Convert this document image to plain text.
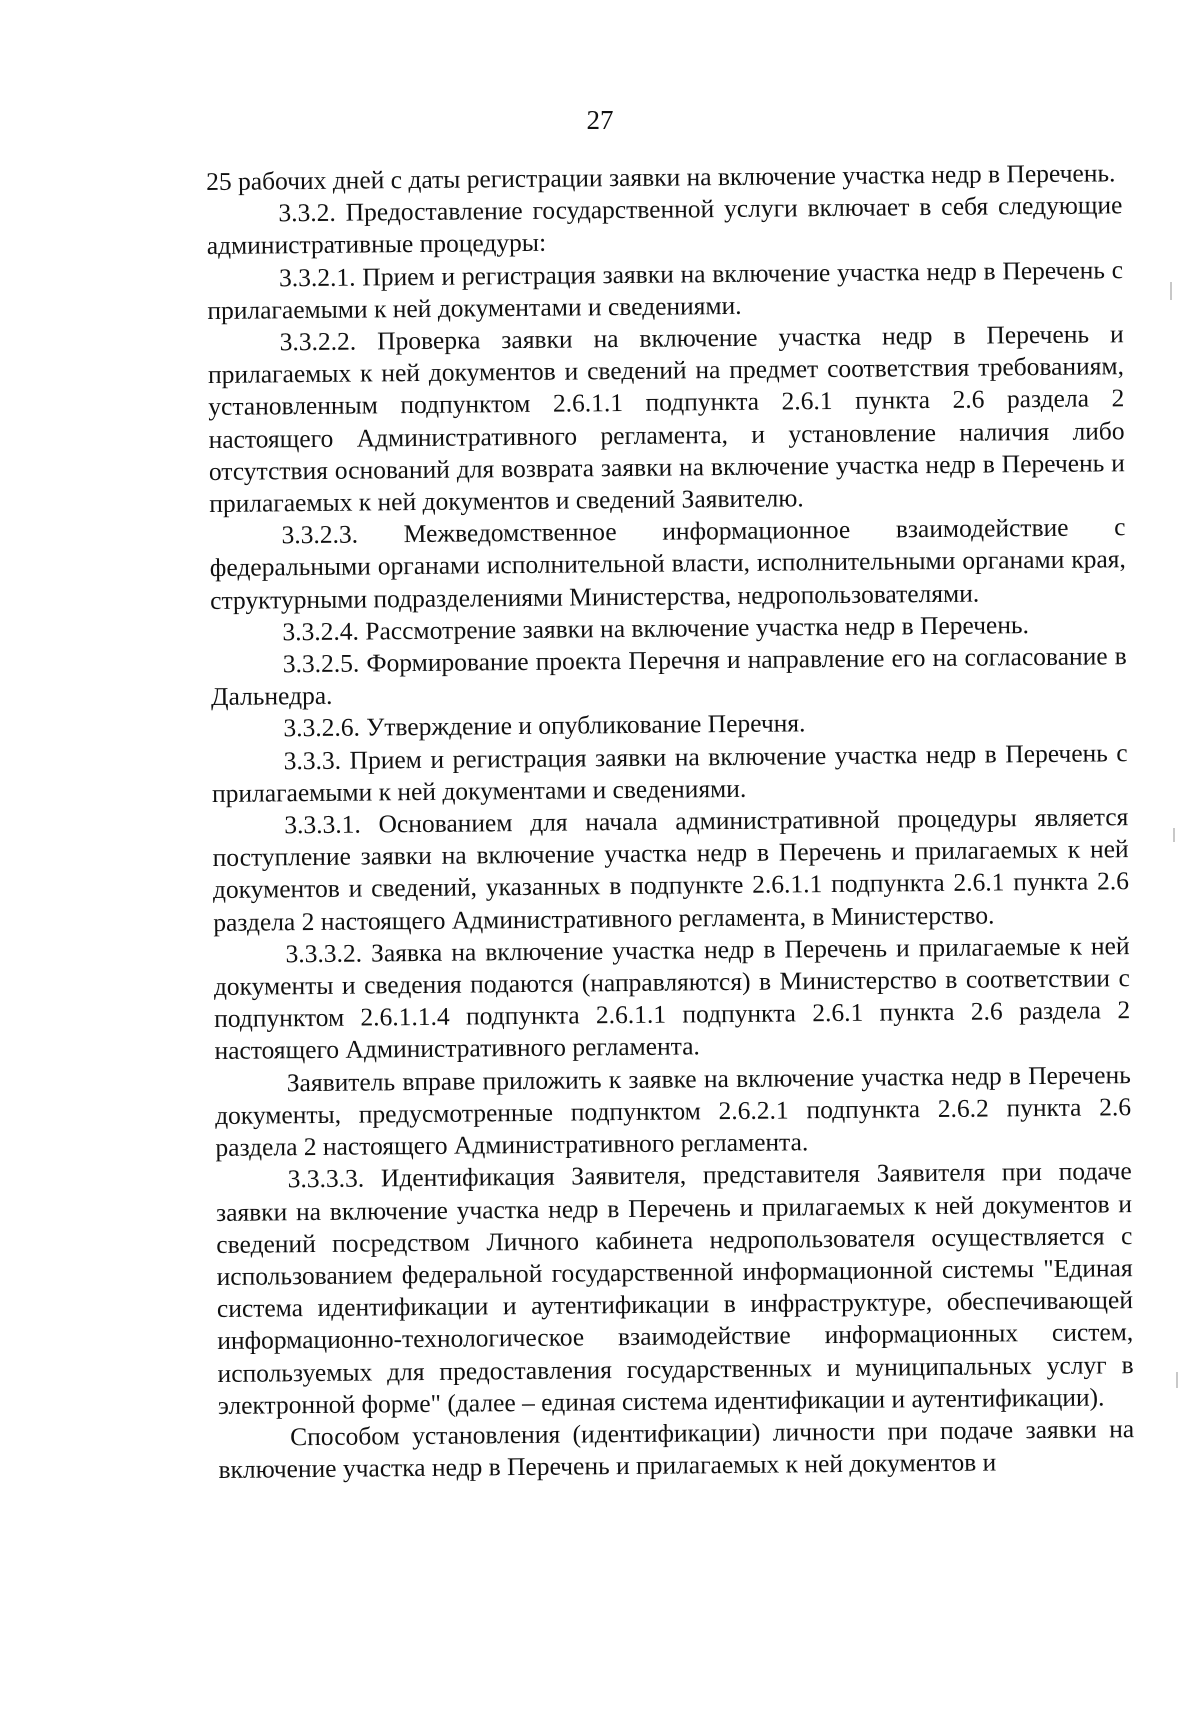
27

25 рабочих дней с даты регистрации заявки на включение участка недр в Перечень.

3.3.2. Предоставление государственной услуги включает в себя следующие административные процедуры:

3.3.2.1. Прием и регистрация заявки на включение участка недр в Перечень с прилагаемыми к ней документами и сведениями.

3.3.2.2. Проверка заявки на включение участка недр в Перечень и прилагаемых к ней документов и сведений на предмет соответствия требованиям, установленным подпунктом 2.6.1.1 подпункта 2.6.1 пункта 2.6 раздела 2 настоящего Административного регламента, и установление наличия либо отсутствия оснований для возврата заявки на включение участка недр в Перечень и прилагаемых к ней документов и сведений Заявителю.

3.3.2.3. Межведомственное информационное взаимодействие с федеральными органами исполнительной власти, исполнительными органами края, структурными подразделениями Министерства, недропользователями.

3.3.2.4. Рассмотрение заявки на включение участка недр в Перечень.

3.3.2.5. Формирование проекта Перечня и направление его на согласование в Дальнедра.

3.3.2.6. Утверждение и опубликование Перечня.

3.3.3. Прием и регистрация заявки на включение участка недр в Перечень с прилагаемыми к ней документами и сведениями.

3.3.3.1. Основанием для начала административной процедуры является поступление заявки на включение участка недр в Перечень и прилагаемых к ней документов и сведений, указанных в подпункте 2.6.1.1 подпункта 2.6.1 пункта 2.6 раздела 2 настоящего Административного регламента, в Министерство.

3.3.3.2. Заявка на включение участка недр в Перечень и прилагаемые к ней документы и сведения подаются (направляются) в Министерство в соответствии с подпунктом 2.6.1.1.4 подпункта 2.6.1.1 подпункта 2.6.1 пункта 2.6 раздела 2 настоящего Административного регламента.

Заявитель вправе приложить к заявке на включение участка недр в Перечень документы, предусмотренные подпунктом 2.6.2.1 подпункта 2.6.2 пункта 2.6 раздела 2 настоящего Административного регламента.

3.3.3.3. Идентификация Заявителя, представителя Заявителя при подаче заявки на включение участка недр в Перечень и прилагаемых к ней документов и сведений посредством Личного кабинета недропользователя осуществляется с использованием федеральной государственной информационной системы "Единая система идентификации и аутентификации в инфраструктуре, обеспечивающей информационно-технологическое взаимодействие информационных систем, используемых для предоставления государственных и муниципальных услуг в электронной форме" (далее – единая система идентификации и аутентификации).

Способом установления (идентификации) личности при подаче заявки на включение участка недр в Перечень и прилагаемых к ней документов и
